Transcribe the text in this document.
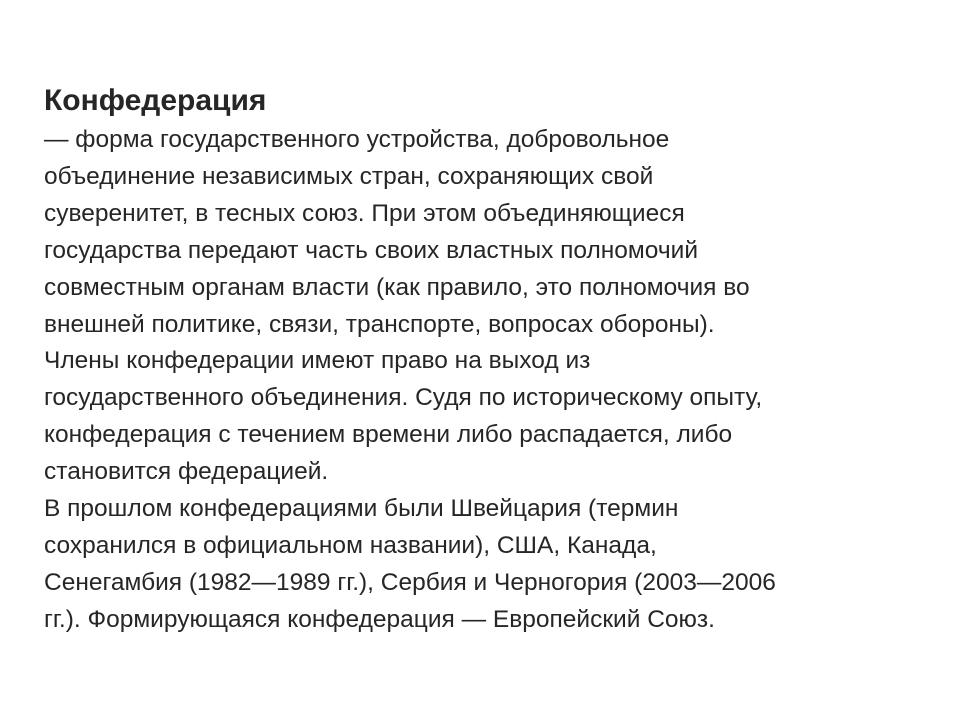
Конфедерация

— форма государственного устройства, добровольное

объединение независимых стран, сохраняющих свой

суверенитет, в тесных союз. При этом объединяющиеся

государства передают часть своих властных полномочий

совместным органам власти (как правило, это полномочия во

внешней политике, связи, транспорте, вопросах обороны).

Члены конфедерации имеют право на выход из

государственного объединения. Судя по историческому опыту,

конфедерация с течением времени либо распадается, либо

становится федерацией.

В прошлом конфедерациями были Швейцария (термин

сохранился в официальном названии), США, Канада,

Сенегамбия (1982—1989 гг.), Сербия и Черногория (2003—2006

гг.). Формирующаяся конфедерация — Европейский Союз.
